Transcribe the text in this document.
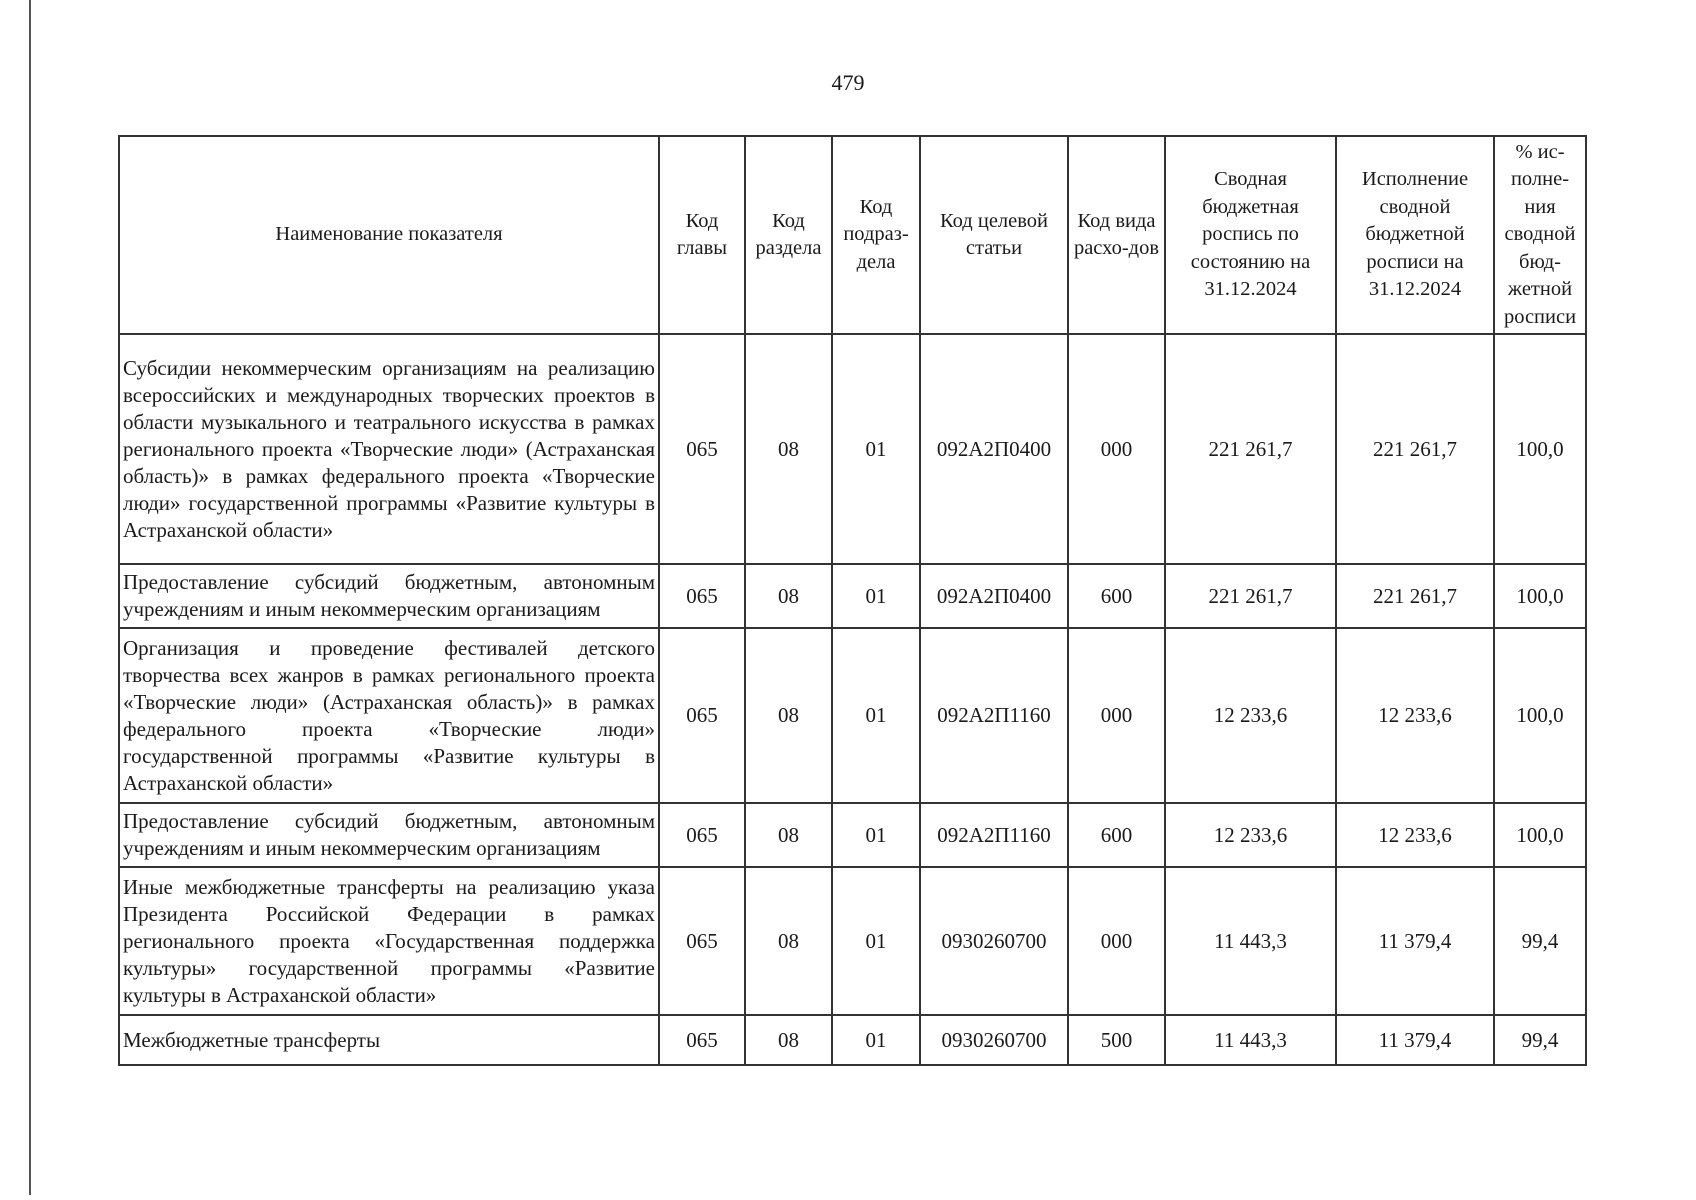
479
Наименование показателя	Код главы	Код раздела	Код подраз-дела	Код целевой статьи	Код вида расхо-дов	Сводная бюджетная роспись по состоянию на 31.12.2024	Исполнение сводной бюджетной росписи на 31.12.2024	% ис-полне-ния сводной бюд-жетной росписи
Субсидии некоммерческим организациям на реализацию всероссийских и международных творческих проектов в области музыкального и театрального искусства в рамках регионального проекта «Творческие люди» (Астраханская область)» в рамках федерального проекта «Творческие люди» государственной программы «Развитие культуры в Астраханской области»	065	08	01	092A2П0400	000	221 261,7	221 261,7	100,0
Предоставление субсидий бюджетным, автономным учреждениям и иным некоммерческим организациям	065	08	01	092A2П0400	600	221 261,7	221 261,7	100,0
Организация и проведение фестивалей детского творчества всех жанров в рамках регионального проекта «Творческие люди» (Астраханская область)» в рамках федерального проекта «Творческие люди» государственной программы «Развитие культуры в Астраханской области»	065	08	01	092A2П1160	000	12 233,6	12 233,6	100,0
Предоставление субсидий бюджетным, автономным учреждениям и иным некоммерческим организациям	065	08	01	092A2П1160	600	12 233,6	12 233,6	100,0
Иные межбюджетные трансферты на реализацию указа Президента Российской Федерации в рамках регионального проекта «Государственная поддержка культуры» государственной программы «Развитие культуры в Астраханской области»	065	08	01	0930260700	000	11 443,3	11 379,4	99,4
Межбюджетные трансферты	065	08	01	0930260700	500	11 443,3	11 379,4	99,4
